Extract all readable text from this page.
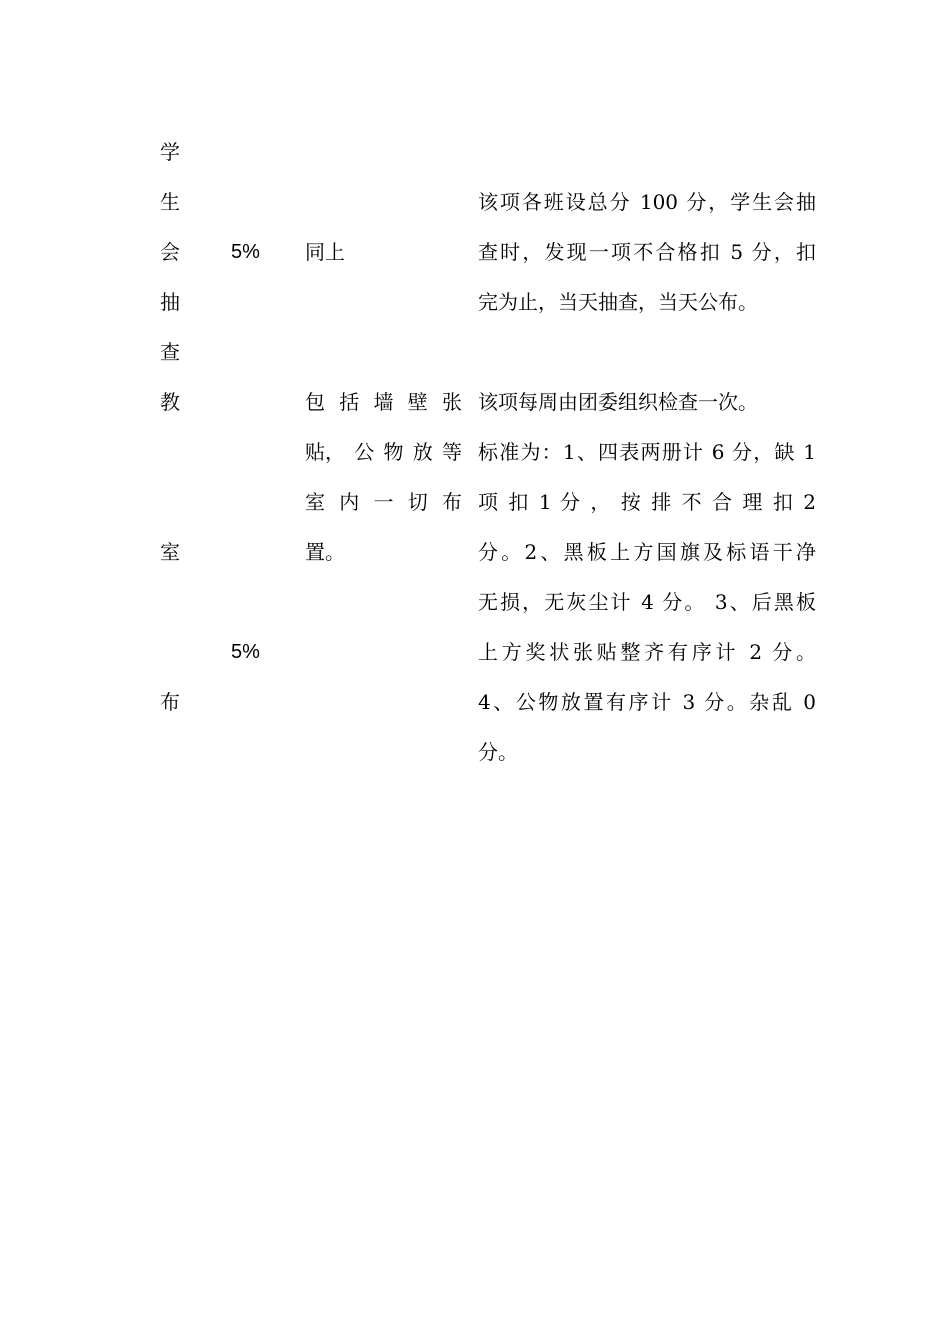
学
生
会
抽
查
5% 同上
该项各班设总分 100 分，学生会抽
查时，发现一项不合格扣 5 分，扣
完为止，当天抽查，当天公布。
教
室
布
5%
包 括 墙 壁 张
贴， 公 物 放 等
室 内 一 切 布
置。
该项每周由团委组织检查一次。
标准为：1、四表两册计 6 分，缺 1
项 扣 1 分 ， 按 排 不 合 理 扣 2
分。2、黑板上方国旗及标语干净
无损，无灰尘计 4 分。 3、后黑板
上方奖状张贴整齐有序计 2 分。
4、公物放置有序计 3 分。杂乱 0
分。
